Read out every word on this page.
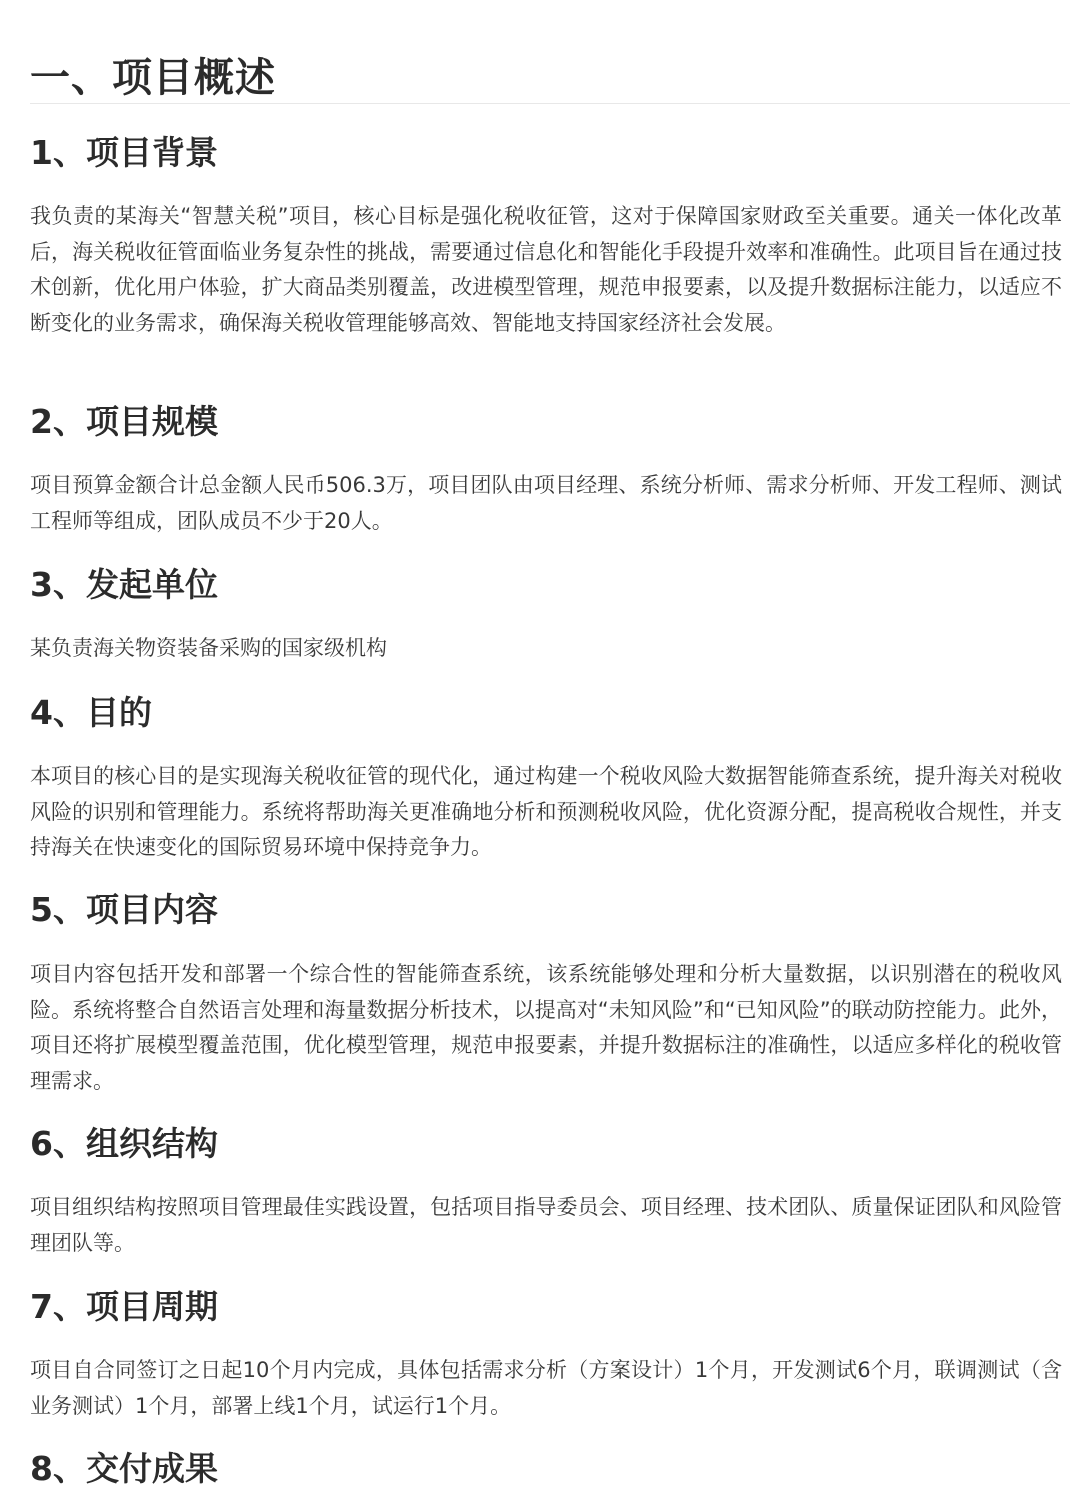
一、项目概述
1、项目背景

我负责的某海关“智慧关税”项目，核心目标是强化税收征管，这对于保障国家财政至关重要。通关一体化改革后，海关税收征管面临业务复杂性的挑战，需要通过信息化和智能化手段提升效率和准确性。此项目旨在通过技术创新，优化用户体验，扩大商品类别覆盖，改进模型管理，规范申报要素，以及提升数据标注能力，以适应不断变化的业务需求，确保海关税收管理能够高效、智能地支持国家经济社会发展。

2、项目规模

项目预算金额合计总金额人民币506.3万，项目团队由项目经理、系统分析师、需求分析师、开发工程师、测试工程师等组成，团队成员不少于20人。

3、发起单位

某负责海关物资装备采购的国家级机构

4、目的

本项目的核心目的是实现海关税收征管的现代化，通过构建一个税收风险大数据智能筛查系统，提升海关对税收风险的识别和管理能力。系统将帮助海关更准确地分析和预测税收风险，优化资源分配，提高税收合规性，并支持海关在快速变化的国际贸易环境中保持竞争力。

5、项目内容

项目内容包括开发和部署一个综合性的智能筛查系统，该系统能够处理和分析大量数据，以识别潜在的税收风险。系统将整合自然语言处理和海量数据分析技术，以提高对“未知风险”和“已知风险”的联动防控能力。此外，项目还将扩展模型覆盖范围，优化模型管理，规范申报要素，并提升数据标注的准确性，以适应多样化的税收管理需求。

6、组织结构

项目组织结构按照项目管理最佳实践设置，包括项目指导委员会、项目经理、技术团队、质量保证团队和风险管理团队等。

7、项目周期

项目自合同签订之日起10个月内完成，具体包括需求分析（方案设计）1个月，开发测试6个月，联调测试（含业务测试）1个月，部署上线1个月，试运行1个月。

8、交付成果
